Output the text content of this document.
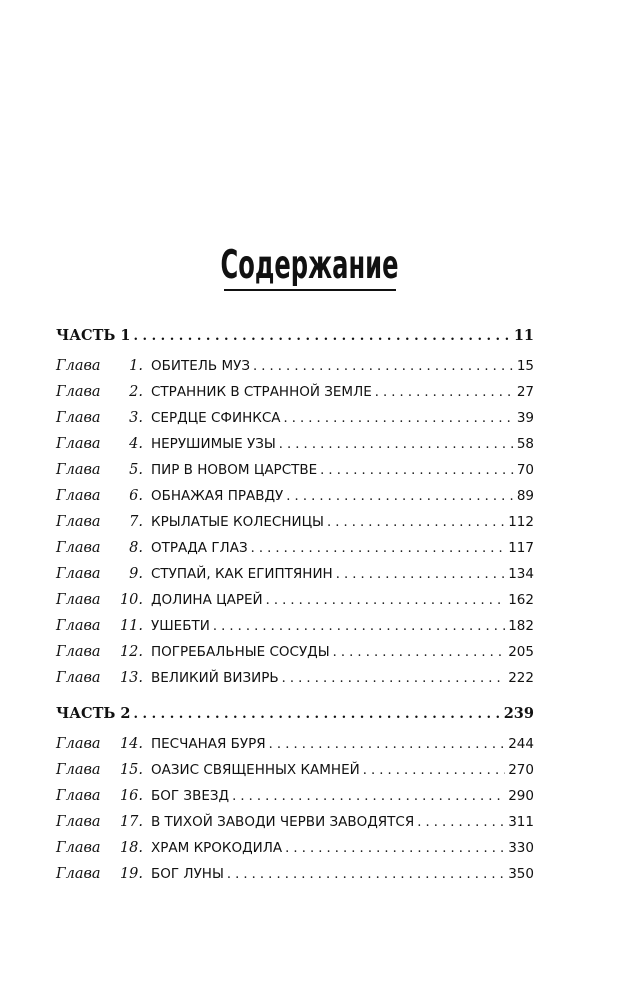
Содержание
ЧАСТЬ 1 . . .	11
Глава	1. ОБИТЕЛЬ МУЗ . . .	15
Глава	2. СТРАННИК В СТРАННОЙ ЗЕМЛЕ . . .	27
Глава	3. СЕРДЦЕ СФИНКСА . . .	39
Глава	4. НЕРУШИМЫЕ УЗЫ . . .	58
Глава	5. ПИР В НОВОМ ЦАРСТВЕ . . .	70
Глава	6. ОБНАЖАЯ ПРАВДУ . . .	89
Глава	7. КРЫЛАТЫЕ КОЛЕСНИЦЫ . . .	112
Глава	8. ОТРАДА ГЛАЗ . . .	117
Глава	9. СТУПАЙ, КАК ЕГИПТЯНИН . . .	134
Глава	10. ДОЛИНА ЦАРЕЙ . . .	162
Глава	11. УШЕБТИ . . .	182
Глава	12. ПОГРЕБАЛЬНЫЕ СОСУДЫ . . .	205
Глава	13. ВЕЛИКИЙ ВИЗИРЬ . . .	222
ЧАСТЬ 2 . . .	239
Глава	14. ПЕСЧАНАЯ БУРЯ . . .	244
Глава	15. ОАЗИС СВЯЩЕННЫХ КАМНЕЙ . . .	270
Глава	16. БОГ ЗВЕЗД . . .	290
Глава	17. В ТИХОЙ ЗАВОДИ ЧЕРВИ ЗАВОДЯТСЯ . . .	311
Глава	18. ХРАМ КРОКОДИЛА . . .	330
Глава	19. БОГ ЛУНЫ . . .	350
